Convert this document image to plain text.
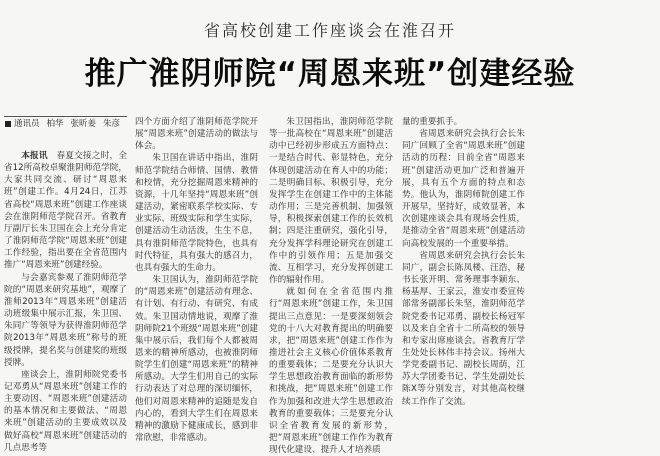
省高校创建工作座谈会在淮召开
推广淮阴师院“周恩来班”创建经验
通讯员 柏华 张昕姜 朱彦

本报讯　春夏交接之时，全省12所高校卓聚淮阴师范学院，大家共同交流、研讨“周恩来班”创建工作。4月24日，江苏省高校“周恩来班”创建工作座谈会在淮阴师范学院召开。省教育厅副厅长朱卫国在会上充分肯定了淮阴师范学院“周恩来班”创建工作经验，指出要在全省范围内推广“周恩来班”创建经验。

与会嘉宾参观了淮阴师范学院的“周恩来研究基地”，观摩了淮师2013年“周恩来班”创建活动班级集中展示汇报，朱卫国、朱同广等领导为获得淮阴师范学院2013年“周恩来班”称号的班级授牌，提名奖与创建奖的班级授牌。

座谈会上，淮阴师院党委书记邓勇从“周恩来班”创建工作的主要动因、“周恩来班”创建活动的基本情况和主要做法、“周恩来班”创建活动的主要成效以及做好高校“周恩来班”创建活动的几点思考等

四个方面介绍了淮阴师范学院开展“周恩来班”创建活动的做法与体会。

朱卫国在讲话中指出，淮阴师范学院结合师情、国情、教情和校情，充分挖掘周恩来精神的资源，十几年坚持“周恩来班”创建活动，紧密联系学校实际、专业实际、班级实际和学生实际，创建活动生动活泼，生生不息，具有淮阴师范学院特色，也具有时代特征，具有强大的感召力，也具有强大的生命力。

朱卫国认为，淮阴师范学院的“周恩来班”创建活动有理念、有计划、有行动、有研究、有成效。朱卫国动情地说，观摩了淮阴师院21个班级“周恩来班”创建集中展示后，我们每个人都被周恩来的精神所感动，也被淮阴师院学生们创建“周恩来班”的精神所感动。大学生们用自己的实际行动表达了对总理的深切缅怀，他们对周恩来精神的追随是发自内心的，看到大学生们在周恩来精神的激励下健康成长，感到非常欣慰，非常感动。

朱卫国指出，淮阴师范学院等一批高校在“周恩来班”创建活动中已经初步形成五方面特点：一是结合时代、彰显特色，充分体现创建活动在育人中的功能；二是明确目标、积极引导，充分发挥学生在创建工作中的主体能动作用；三是完善机制、加强领导，积极探索创建工作的长效机制；四是注重研究，强化引导，充分发挥学科理论研究在创建工作中的引领作用；五是加强交流、互相学习，充分发挥创建工作的辐射作用。

就如何在全省范围内推行“周恩来班”创建工作，朱卫国提出三点意见：一是要深刻领会党的十八大对教育提出的明确要求，把“周恩来班”创建工作作为推进社会主义核心价值体系教育的重要载体；二是要充分认识大学生思想政治教育面临的新形势和挑战，把“周恩来班”创建工作作为加强和改进大学生思想政治教育的重要载体；三是要充分认识全省教育发展的新形势，把“周恩来班”创建工作作为教育现代化建设、提升人才培养质

量的重要抓手。

省周恩来研究会执行会长朱同广回顾了全省“周恩来班”创建活动的历程：目前全省“周恩来班”创建活动更加广泛和普遍开展，具有五个方面的特点和态势。他认为，淮阴师院创建工作开展早，坚持好，成效显著，本次创建座谈会具有现场会性质，是推动全省“周恩来班”创建活动向高校发展的一个重要举措。

省周恩来研究会执行会长朱同广，副会长陈凤楼、汪浩，秘书长张开明、常务理事李颖东、杨基厚、王家云，淮安市委宣传部常务副部长朱坚，淮阴师范学院党委书记邓勇、副校长杨冠军以及来自全省十二所高校的领导和专家出席座谈会。省教育厅学生处处长林伟丰持会议。扬州大学党委副书记、副校长周荫，江苏大学团委书记、学生处副处长陈X等分别发言，对其他高校继续工作作了交流。
